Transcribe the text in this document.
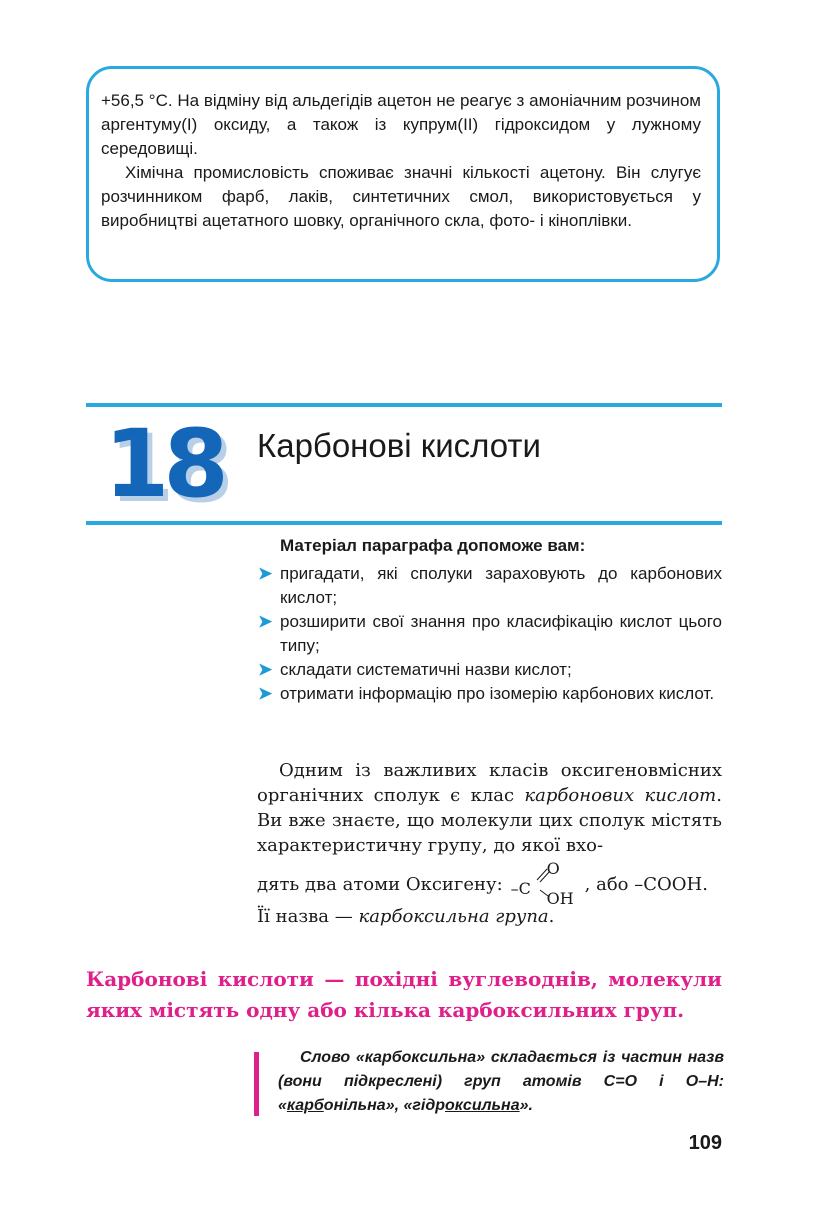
+56,5 °С. На відміну від альдегідів ацетон не реагує з амоніачним розчином аргентуму(І) оксиду, а також із купрум(ІІ) гідроксидом у лужному середовищі.

Хімічна промисловість споживає значні кількості ацетону. Він слугує розчинником фарб, лаків, синтетичних смол, використовується у виробництві ацетатного шовку, органічного скла, фото- і кіноплівки.

18 Карбонові кислоти
Матеріал параграфа допоможе вам:
➤ пригадати, які сполуки зараховують до карбонових кислот;
➤ розширити свої знання про класифікацію кислот цього типу;
➤ складати систематичні назви кислот;
➤ отримати інформацію про ізомерію карбонових кислот.

Одним із важливих класів оксигеновмісних органічних сполук є клас карбонових кислот. Ви вже знаєте, що молекули цих сполук містять характеристичну групу, до якої вхо-

дять два атоми Оксигену: –C
O
OH
, або –COOH.

Її назва — карбоксильна група.

Карбонові кислоти — похідні вуглеводнів, молекули яких містять одну або кілька карбоксильних груп.
Слово «карбоксильна» складається із частин назв (вони підкреслені) груп атомів С=О і О–Н: «карбонільна», «гідроксильна».
109
